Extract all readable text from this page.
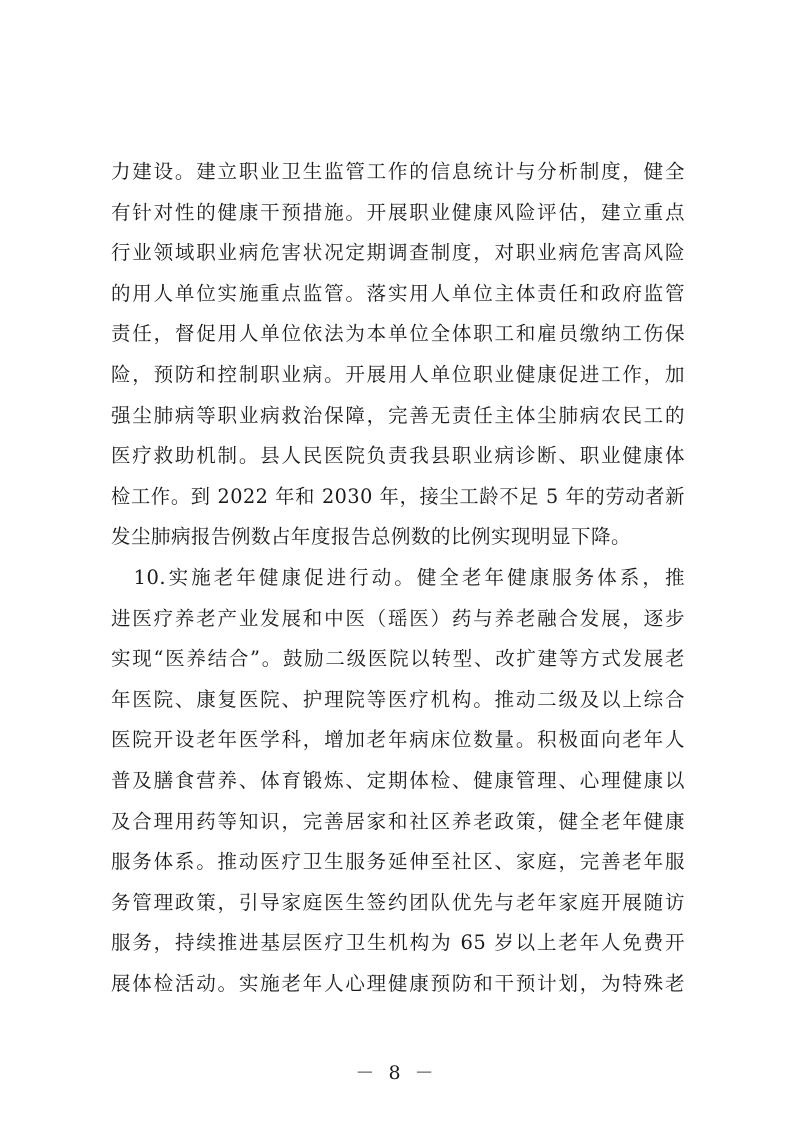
力建设。建立职业卫生监管工作的信息统计与分析制度，健全
有针对性的健康干预措施。开展职业健康风险评估，建立重点
行业领域职业病危害状况定期调查制度，对职业病危害高风险
的用人单位实施重点监管。落实用人单位主体责任和政府监管
责任，督促用人单位依法为本单位全体职工和雇员缴纳工伤保
险，预防和控制职业病。开展用人单位职业健康促进工作，加
强尘肺病等职业病救治保障，完善无责任主体尘肺病农民工的
医疗救助机制。县人民医院负责我县职业病诊断、职业健康体
检工作。到 2022 年和 2030 年，接尘工龄不足 5 年的劳动者新
发尘肺病报告例数占年度报告总例数的比例实现明显下降。
　10.实施老年健康促进行动。健全老年健康服务体系，推
进医疗养老产业发展和中医（瑶医）药与养老融合发展，逐步
实现“医养结合”。鼓励二级医院以转型、改扩建等方式发展老
年医院、康复医院、护理院等医疗机构。推动二级及以上综合
医院开设老年医学科，增加老年病床位数量。积极面向老年人
普及膳食营养、体育锻炼、定期体检、健康管理、心理健康以
及合理用药等知识，完善居家和社区养老政策，健全老年健康
服务体系。推动医疗卫生服务延伸至社区、家庭，完善老年服
务管理政策，引导家庭医生签约团队优先与老年家庭开展随访
服务，持续推进基层医疗卫生机构为 65 岁以上老年人免费开
展体检活动。实施老年人心理健康预防和干预计划，为特殊老
－ 8 －
